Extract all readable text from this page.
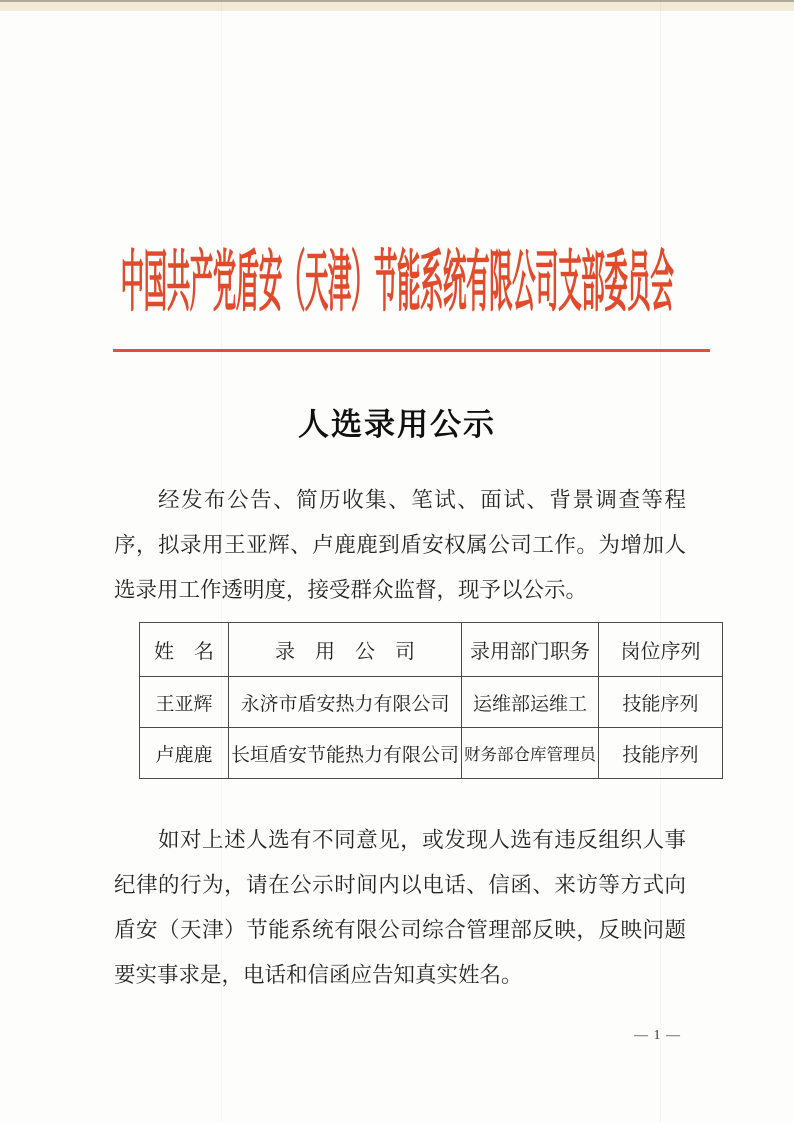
中国共产党盾安（天津）节能系统有限公司支部委员会
人选录用公示
经发布公告、简历收集、笔试、面试、背景调查等程序，拟录用王亚辉、卢鹿鹿到盾安权属公司工作。为增加人选录用工作透明度，接受群众监督，现予以公示。
姓　名	录　用　公　司	录用部门职务	岗位序列
王亚辉	永济市盾安热力有限公司	运维部运维工	技能序列
卢鹿鹿	长垣盾安节能热力有限公司	财务部仓库管理员	技能序列
如对上述人选有不同意见，或发现人选有违反组织人事纪律的行为，请在公示时间内以电话、信函、来访等方式向盾安（天津）节能系统有限公司综合管理部反映，反映问题要实事求是，电话和信函应告知真实姓名。
— 1 —
